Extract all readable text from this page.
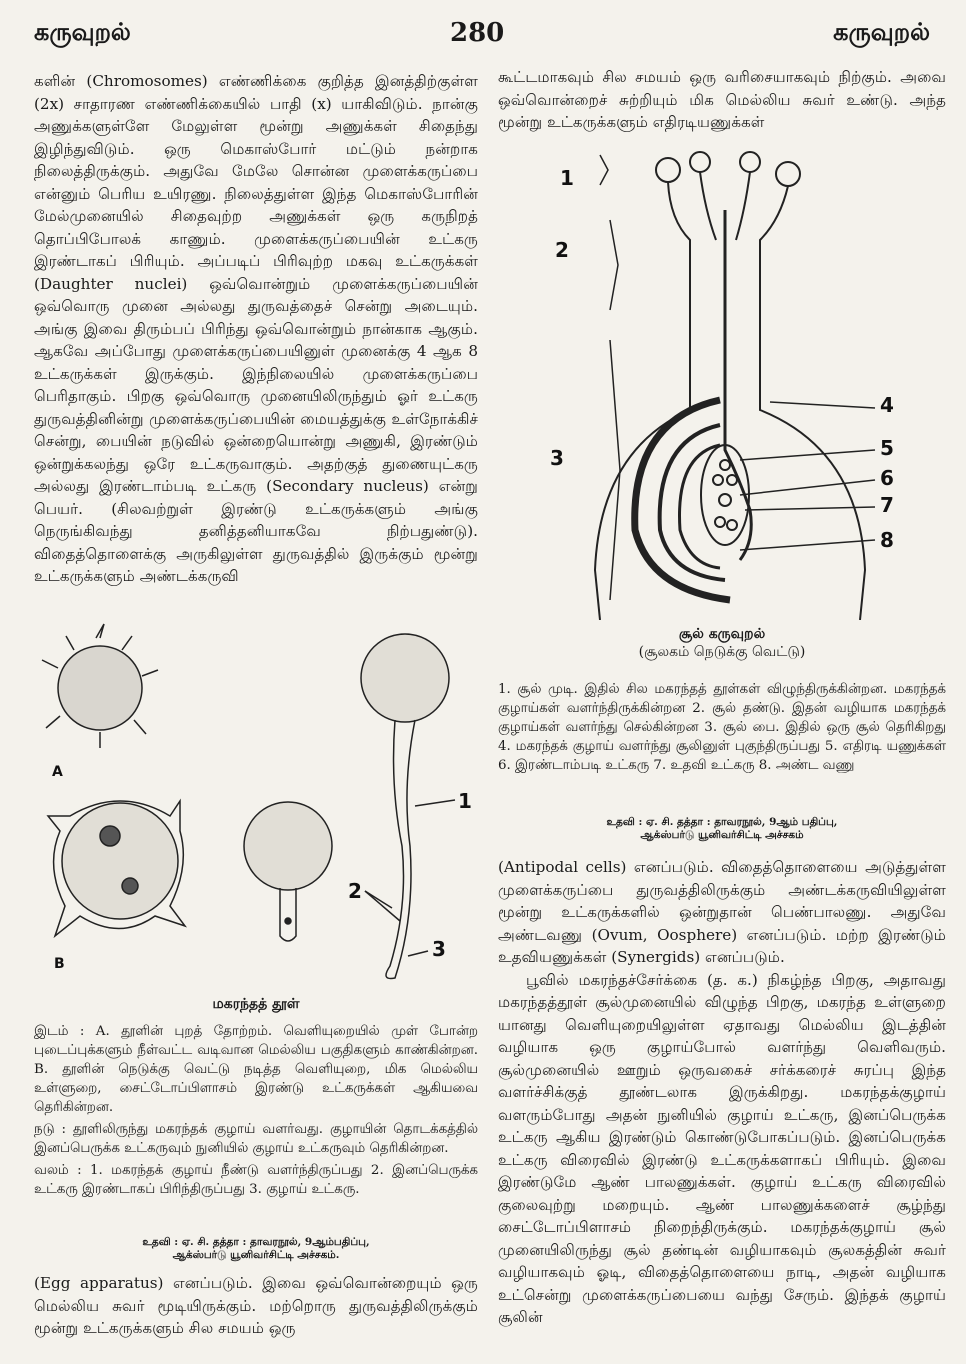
கருவுறல்	280	கருவுறல்

களின் (Chromosomes) எண்ணிக்கை குறித்த இனத்திற்குள்ள (2x) சாதாரண எண்ணிக்கையில் பாதி (x) யாகிவிடும். நான்கு அணுக்களுள்ளே மேலுள்ள மூன்று அணுக்கள் சிதைந்து இழிந்துவிடும். ஒரு மெகாஸ்போர் மட்டும் நன்றாக நிலைத்திருக்கும். அதுவே மேலே சொன்ன முளைக்கருப்பை என்னும் பெரிய உயிரணு. நிலைத்துள்ள இந்த மெகாஸ்போரின் மேல்முனையில் சிதைவுற்ற அணுக்கள் ஒரு கருநிறத் தொப்பிபோலக் காணும். முளைக்கருப்பையின் உட்கரு இரண்டாகப் பிரியும். அப்படிப் பிரிவுற்ற மகவு உட்கருக்கள் (Daughter nuclei) ஒவ்வொன்றும் முளைக்கருப்பையின் ஒவ்வொரு முனை அல்லது துருவத்தைச் சென்று அடையும். அங்கு இவை திரும்பப் பிரிந்து ஒவ்வொன்றும் நான்காக ஆகும். ஆகவே அப்போது முளைக்கருப்பையினுள் முனைக்கு 4 ஆக 8 உட்கருக்கள் இருக்கும். இந்நிலையில் முளைக்கருப்பை பெரிதாகும். பிறகு ஒவ்வொரு முனையிலிருந்தும் ஓர் உட்கரு துருவத்தினின்று முளைக்கருப்பையின் மையத்துக்கு உள்நோக்கிச் சென்று, பையின் நடுவில் ஒன்றையொன்று அணுகி, இரண்டும் ஒன்றுக்கலந்து ஒரே உட்கருவாகும். அதற்குத் துணையுட்கரு அல்லது இரண்டாம்படி உட்கரு (Secondary nucleus) என்று பெயர். (சிலவற்றுள் இரண்டு உட்கருக்களும் அங்கு நெருங்கிவந்து தனித்தனியாகவே நிற்பதுண்டு). விதைத்தொளைக்கு அருகிலுள்ள துருவத்தில் இருக்கும் மூன்று உட்கருக்களும் அண்டக்கருவி

கூட்டமாகவும் சில சமயம் ஒரு வரிசையாகவும் நிற்கும். அவை ஒவ்வொன்றைச் சுற்றியும் மிக மெல்லிய சுவர் உண்டு. அந்த மூன்று உட்கருக்களும் எதிரடியணுக்கள்

1
2
3
4
5
6
7
8
சூல் கருவுறல்
(சூலகம் நெடுக்கு வெட்டு)

1. சூல் முடி. இதில் சில மகரந்தத் தூள்கள் விழுந்திருக்கின்றன. மகரந்தக் குழாய்கள் வளர்ந்திருக்கின்றன 2. சூல் தண்டு. இதன் வழியாக மகரந்தக் குழாய்கள் வளர்ந்து செல்கின்றன 3. சூல் பை. இதில் ஒரு சூல் தெரிகிறது 4. மகரந்தக் குழாய் வளர்ந்து சூலினுள் புகுந்திருப்பது 5. எதிரடி யணுக்கள் 6. இரண்டாம்படி உட்கரு 7. உதவி உட்கரு 8. அண்ட வணு

உதவி : ஏ. சி. தத்தா : தாவரநூல், 9ஆம் பதிப்பு,
ஆக்ஸ்பர்டு யூனிவர்சிட்டி அச்சகம்
A
B
1
2
3
மகரந்தத் தூள்

இடம் : A. தூளின் புறத் தோற்றம். வெளியுறையில் முள் போன்ற புடைப்புக்களும் நீள்வட்ட வடிவான மெல்லிய பகுதிகளும் காண்கின்றன. B. தூளின் நெடுக்கு வெட்டு நடித்த வெளியுறை, மிக மெல்லிய உள்ளுறை, சைட்டோப்பிளாசம் இரண்டு உட்கருக்கள் ஆகியவை தெரிகின்றன.

நடு : தூளிலிருந்து மகரந்தக் குழாய் வளர்வது. குழாயின் தொடக்கத்தில் இனப்பெருக்க உட்கருவும் நுனியில் குழாய் உட்கருவும் தெரிகின்றன.

வலம் : 1. மகரந்தக் குழாய் நீண்டு வளர்ந்திருப்பது 2. இனப்பெருக்க உட்கரு இரண்டாகப் பிரிந்திருப்பது 3. குழாய் உட்கரு.

உதவி : ஏ. சி. தத்தா : தாவரநூல், 9ஆம்பதிப்பு,
ஆக்ஸ்பர்டு யூனிவர்சிட்டி அச்சகம்.

(Antipodal cells) எனப்படும். விதைத்தொளையை அடுத்துள்ள முளைக்கருப்பை துருவத்திலிருக்கும் அண்டக்கருவியிலுள்ள மூன்று உட்கருக்களில் ஒன்றுதான் பெண்பாலணு. அதுவே அண்டவணு (Ovum, Oosphere) எனப்படும். மற்ற இரண்டும் உதவியணுக்கள் (Synergids) எனப்படும்.

பூவில் மகரந்தச்சேர்க்கை (த. க.) நிகழ்ந்த பிறகு, அதாவது மகரந்தத்தூள் சூல்முனையில் விழுந்த பிறகு, மகரந்த உள்ளுறை யானது வெளியுறையிலுள்ள ஏதாவது மெல்லிய இடத்தின் வழியாக ஒரு குழாய்போல் வளர்ந்து வெளிவரும். சூல்முனையில் ஊறும் ஒருவகைச் சர்க்கரைச் சுரப்பு இந்த வளர்ச்சிக்குத் தூண்டலாக இருக்கிறது. மகரந்தக்குழாய் வளரும்போது அதன் நுனியில் குழாய் உட்கரு, இனப்பெருக்க உட்கரு ஆகிய இரண்டும் கொண்டுபோகப்படும். இனப்பெருக்க உட்கரு விரைவில் இரண்டு உட்கருக்களாகப் பிரியும். இவை இரண்டுமே ஆண் பாலணுக்கள். குழாய் உட்கரு விரைவில் குலைவுற்று மறையும். ஆண் பாலணுக்களைச் சூழ்ந்து சைட்டோப்பிளாசம் நிறைந்திருக்கும். மகரந்தக்குழாய் சூல் முனையிலிருந்து சூல் தண்டின் வழியாகவும் சூலகத்தின் சுவர் வழியாகவும் ஓடி, விதைத்தொளையை நாடி, அதன் வழியாக உட்சென்று முளைக்கருப்பையை வந்து சேரும். இந்தக் குழாய் சூலின்

(Egg apparatus) எனப்படும். இவை ஒவ்வொன்றையும் ஒரு மெல்லிய சுவர் மூடியிருக்கும். மற்றொரு துருவத்திலிருக்கும் மூன்று உட்கருக்களும் சில சமயம் ஒரு
